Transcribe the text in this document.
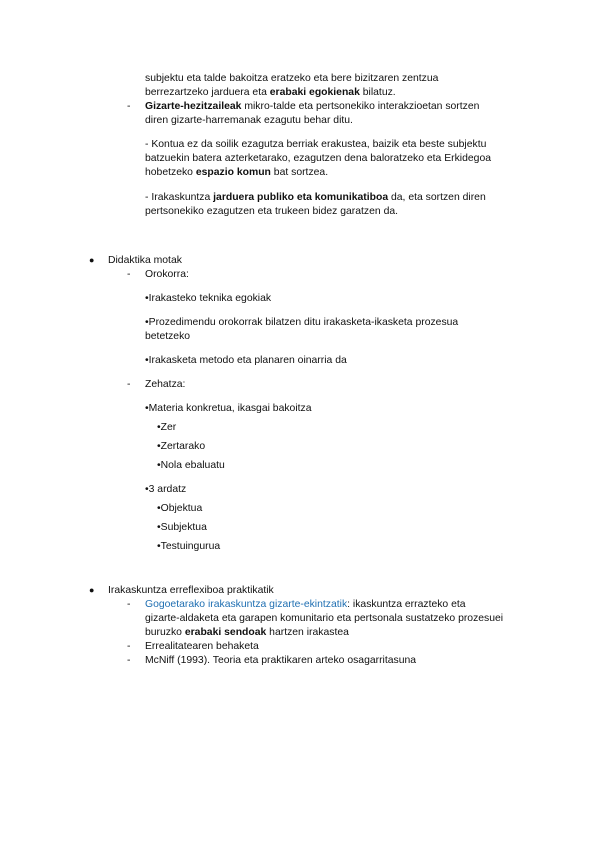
subjektu eta talde bakoitza eratzeko eta bere bizitzaren zentzua
berrezartzeko jarduera eta erabaki egokienak bilatuz.
- Gizarte-hezitzaileak mikro-talde eta pertsonekiko interakzioetan sortzen
diren gizarte-harremanak ezagutu behar ditu.
- Kontua ez da soilik ezagutza berriak erakustea, baizik eta beste subjektu
batzuekin batera azterketarako, ezagutzen dena baloratzeko eta Erkidegoa
hobetzeko espazio komun bat sortzea.
- Irakaskuntza jarduera publiko eta komunikatiboa da, eta sortzen diren
pertsonekiko ezagutzen eta trukeen bidez garatzen da.
● Didaktika motak
- Orokorra:
•Irakasteko teknika egokiak
•Prozedimendu orokorrak bilatzen ditu irakasketa-ikasketa prozesua
betetzeko
•Irakasketa metodo eta planaren oinarria da
- Zehatza:
•Materia konkretua, ikasgai bakoitza
•Zer
•Zertarako
•Nola ebaluatu
•3 ardatz
•Objektua
•Subjektua
•Testuingurua
● Irakaskuntza erreflexiboa praktikatik
- Gogoetarako irakaskuntza gizarte-ekintzatik: ikaskuntza errazteko eta
gizarte-aldaketa eta garapen komunitario eta pertsonala sustatzeko prozesuei
buruzko erabaki sendoak hartzen irakastea
- Errealitatearen behaketa
- McNiff (1993). Teoria eta praktikaren arteko osagarritasuna
